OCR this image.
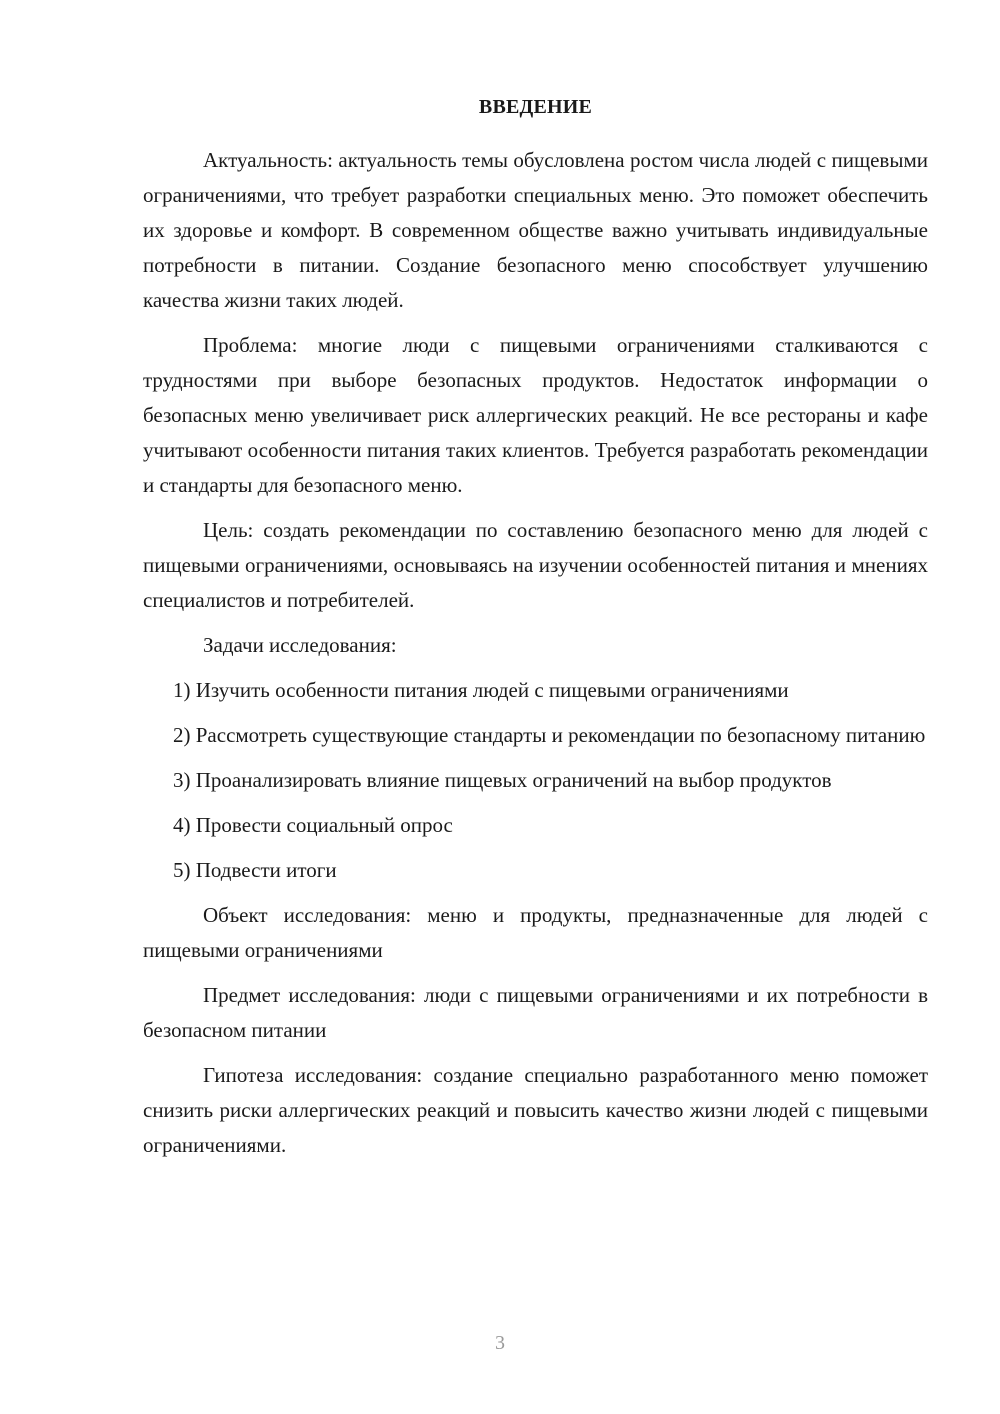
ВВЕДЕНИЕ

Актуальность: актуальность темы обусловлена ростом числа людей с пищевыми ограничениями, что требует разработки специальных меню. Это поможет обеспечить их здоровье и комфорт. В современном обществе важно учитывать индивидуальные потребности в питании. Создание безопасного меню способствует улучшению качества жизни таких людей.

Проблема: многие люди с пищевыми ограничениями сталкиваются с трудностями при выборе безопасных продуктов. Недостаток информации о безопасных меню увеличивает риск аллергических реакций. Не все рестораны и кафе учитывают особенности питания таких клиентов. Требуется разработать рекомендации и стандарты для безопасного меню.

Цель: создать рекомендации по составлению безопасного меню для людей с пищевыми ограничениями, основываясь на изучении особенностей питания и мнениях специалистов и потребителей.

Задачи исследования:

1) Изучить особенности питания людей с пищевыми ограничениями

2) Рассмотреть существующие стандарты и рекомендации по безопасному питанию

3) Проанализировать влияние пищевых ограничений на выбор продуктов

4) Провести социальный опрос

5) Подвести итоги

Объект исследования: меню и продукты, предназначенные для людей с пищевыми ограничениями

Предмет исследования: люди с пищевыми ограничениями и их потребности в безопасном питании

Гипотеза исследования: создание специально разработанного меню поможет снизить риски аллергических реакций и повысить качество жизни людей с пищевыми ограничениями.

3
